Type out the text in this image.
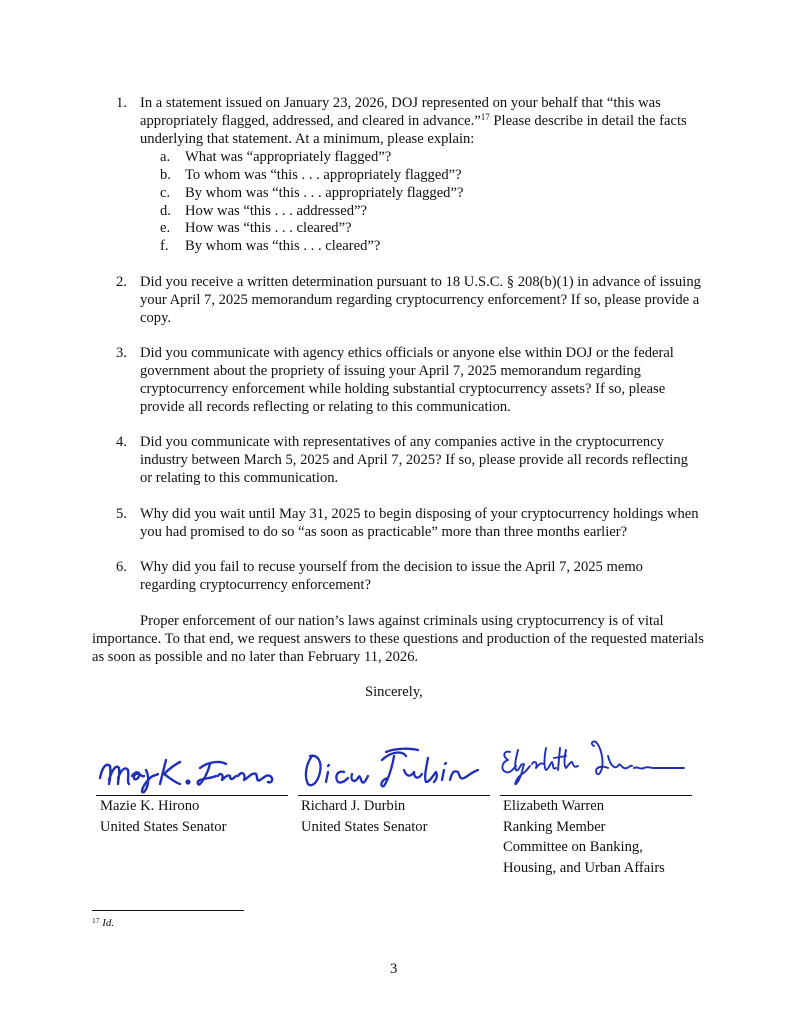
1. In a statement issued on January 23, 2026, DOJ represented on your behalf that “this was appropriately flagged, addressed, and cleared in advance.”$^{17}$ Please describe in detail the facts underlying that statement. At a minimum, please explain:
a. What was “appropriately flagged”?
b. To whom was “this . . . appropriately flagged”?
c. By whom was “this . . . appropriately flagged”?
d. How was “this . . . addressed”?
e. How was “this . . . cleared”?
f. By whom was “this . . . cleared”?
2. Did you receive a written determination pursuant to 18 U.S.C. § 208(b)(1) in advance of issuing your April 7, 2025 memorandum regarding cryptocurrency enforcement? If so, please provide a copy.
3. Did you communicate with agency ethics officials or anyone else within DOJ or the federal government about the propriety of issuing your April 7, 2025 memorandum regarding cryptocurrency enforcement while holding substantial cryptocurrency assets? If so, please provide all records reflecting or relating to this communication.
4. Did you communicate with representatives of any companies active in the cryptocurrency industry between March 5, 2025 and April 7, 2025? If so, please provide all records reflecting or relating to this communication.
5. Why did you wait until May 31, 2025 to begin disposing of your cryptocurrency holdings when you had promised to do so “as soon as practicable” more than three months earlier?
6. Why did you fail to recuse yourself from the decision to issue the April 7, 2025 memo regarding cryptocurrency enforcement?
Proper enforcement of our nation’s laws against criminals using cryptocurrency is of vital importance. To that end, we request answers to these questions and production of the requested materials as soon as possible and no later than February 11, 2026.
Sincerely,
Mazie K. Hirono
United States Senator
Richard J. Durbin
United States Senator
Elizabeth Warren
Ranking Member
Committee on Banking,
Housing, and Urban Affairs
$^{17}$ Id.
3
